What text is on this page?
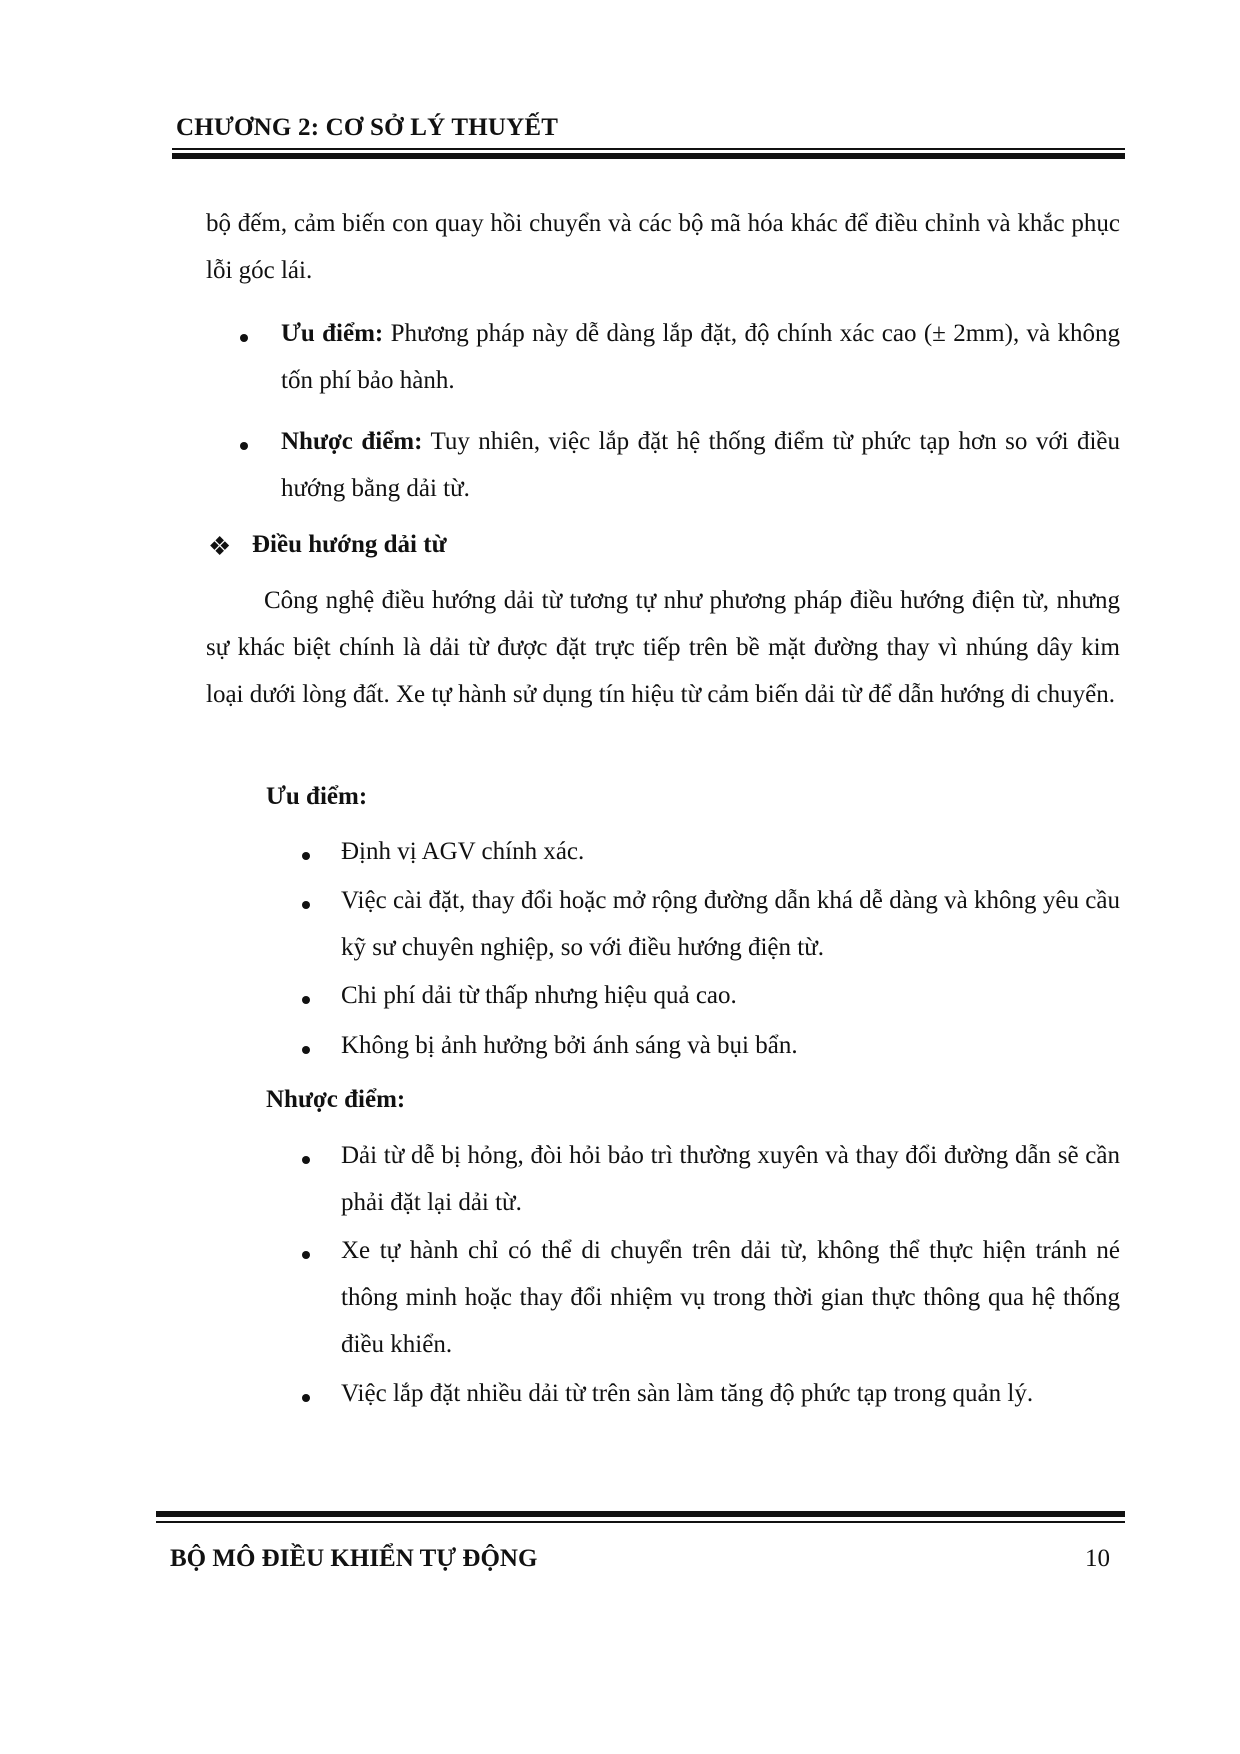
CHƯƠNG 2: CƠ SỞ LÝ THUYẾT

bộ đếm, cảm biến con quay hồi chuyển và các bộ mã hóa khác để điều chỉnh và khắc phục lỗi góc lái.

Ưu điểm: Phương pháp này dễ dàng lắp đặt, độ chính xác cao (± 2mm), và không tốn phí bảo hành.

Nhược điểm: Tuy nhiên, việc lắp đặt hệ thống điểm từ phức tạp hơn so với điều hướng bằng dải từ.

❖ Điều hướng dải từ

Công nghệ điều hướng dải từ tương tự như phương pháp điều hướng điện từ, nhưng sự khác biệt chính là dải từ được đặt trực tiếp trên bề mặt đường thay vì nhúng dây kim loại dưới lòng đất. Xe tự hành sử dụng tín hiệu từ cảm biến dải từ để dẫn hướng di chuyển.

Ưu điểm:

Định vị AGV chính xác.

Việc cài đặt, thay đổi hoặc mở rộng đường dẫn khá dễ dàng và không yêu cầu kỹ sư chuyên nghiệp, so với điều hướng điện từ.

Chi phí dải từ thấp nhưng hiệu quả cao.

Không bị ảnh hưởng bởi ánh sáng và bụi bẩn.

Nhược điểm:

Dải từ dễ bị hỏng, đòi hỏi bảo trì thường xuyên và thay đổi đường dẫn sẽ cần phải đặt lại dải từ.

Xe tự hành chỉ có thể di chuyển trên dải từ, không thể thực hiện tránh né thông minh hoặc thay đổi nhiệm vụ trong thời gian thực thông qua hệ thống điều khiển.

Việc lắp đặt nhiều dải từ trên sàn làm tăng độ phức tạp trong quản lý.

BỘ MÔ ĐIỀU KHIỂN TỰ ĐỘNG	10
